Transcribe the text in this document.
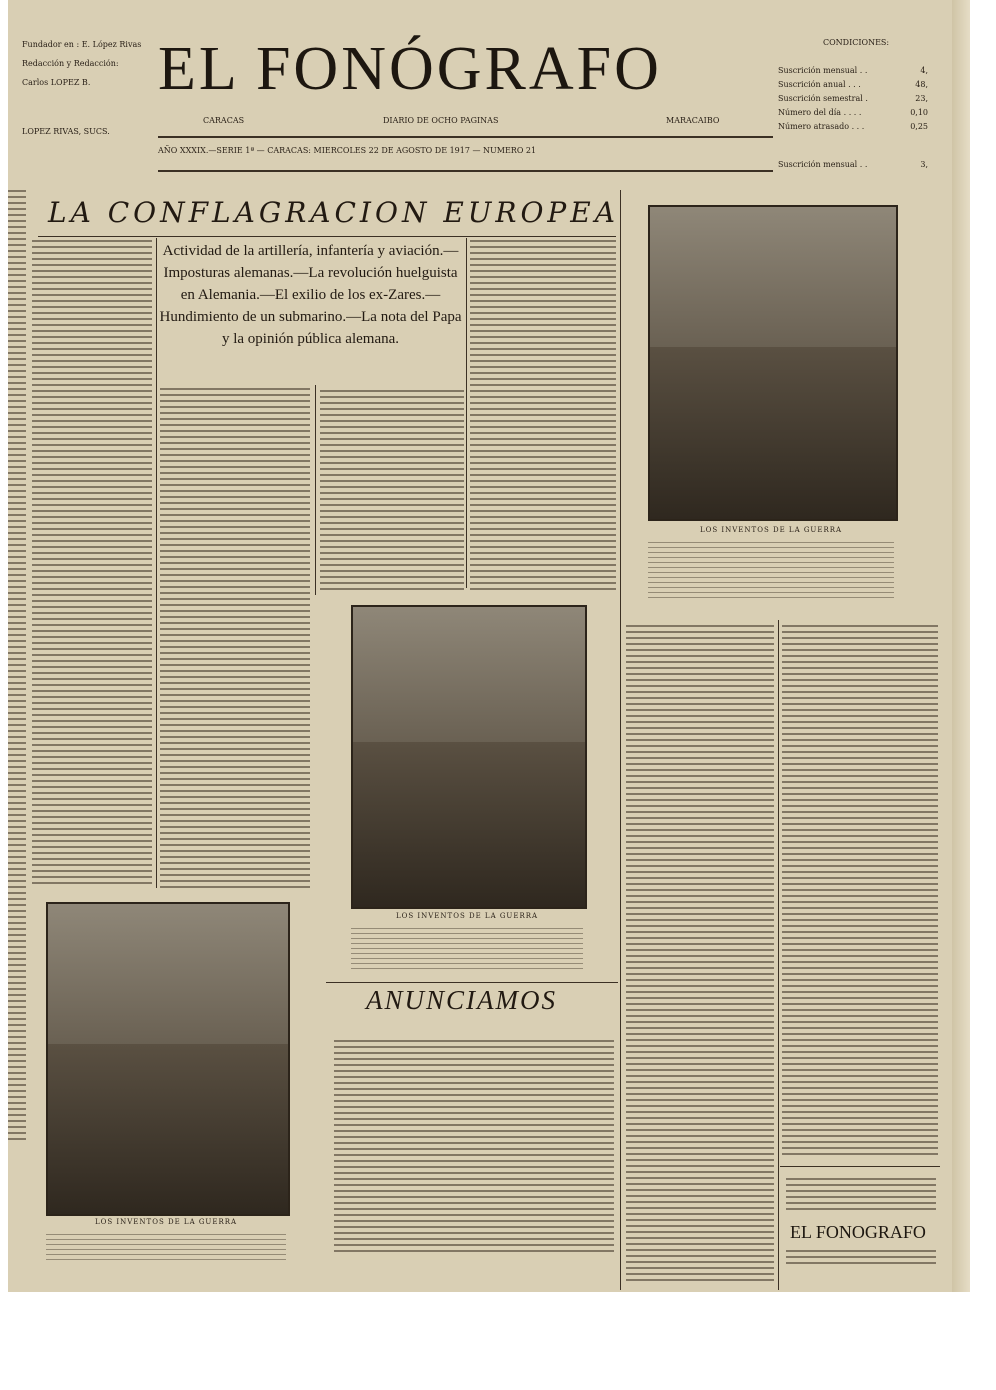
Fundador en : E. López Rivas
Redacción y Redacción:
Carlos LOPEZ B.
LOPEZ RIVAS, SUCS.
EL FONÓGRAFO
CARACAS	DIARIO DE OCHO PAGINAS	MARACAIBO
AÑO XXXIX.—SERIE 1ª — CARACAS: MIERCOLES 22 DE AGOSTO DE 1917 — NUMERO 21
CONDICIONES:
Suscrición mensual . .	4,
Suscrición anual . . .	48,
Suscrición semestral .	23,
Número del día . . . .	0,10
Número atrasado . . .	0,25
Suscrición mensual . .	3,
LA CONFLAGRACION EUROPEA
Actividad de la artillería, infantería y aviación.—Imposturas alemanas.—La revolución huelguista en Alemania.—El exilio de los ex-Zares.—Hundimiento de un submarino.—La nota del Papa y la opinión pública alemana.
LOS INVENTOS DE LA GUERRA
LOS INVENTOS DE LA GUERRA
LOS INVENTOS DE LA GUERRA
ANUNCIAMOS
EL FONOGRAFO
